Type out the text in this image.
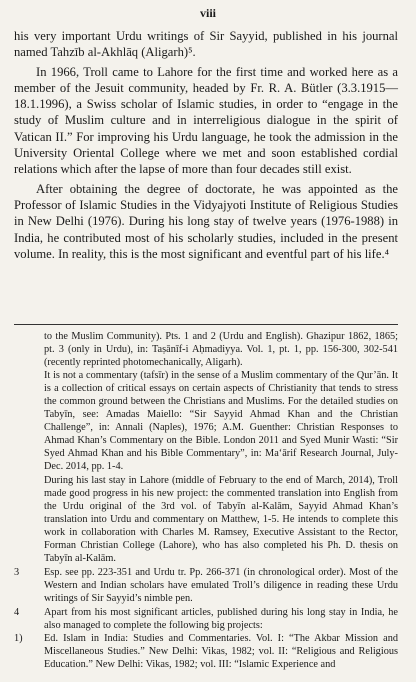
viii

his very important Urdu writings of Sir Sayyid, published in his journal named Tahzīb al-Akhlāq (Aligarh)⁵.

In 1966, Troll came to Lahore for the first time and worked here as a member of the Jesuit community, headed by Fr. R. A. Bütler (3.3.1915—18.1.1996), a Swiss scholar of Islamic studies, in order to “engage in the study of Muslim culture and in interreligious dialogue in the spirit of Vatican II.” For improving his Urdu language, he took the admission in the University Oriental College where we met and soon established cordial relations which after the lapse of more than four decades still exist.

After obtaining the degree of doctorate, he was appointed as the Professor of Islamic Studies in the Vidyajyoti Institute of Religious Studies in New Delhi (1976). During his long stay of twelve years (1976-1988) in India, he contributed most of his scholarly studies, included in the present volume. In reality, this is the most significant and eventful part of his life.⁴

to the Muslim Community). Pts. 1 and 2 (Urdu and English). Ghazipur 1862, 1865; pt. 3 (only in Urdu), in: Taṣānīf-i Aḥmadiyya. Vol. 1, pt. 1, pp. 156-300, 302-541 (recently reprinted photomechanically, Aligarh).
It is not a commentary (tafsīr) in the sense of a Muslim commentary of the Qur’ān. It is a collection of critical essays on certain aspects of Christianity that tends to stress the common ground between the Christians and Muslims. For the detailed studies on Tabyīn, see: Amadas Maiello: “Sir Sayyid Ahmad Khan and the Christian Challenge”, in: Annali (Naples), 1976; A.M. Guenther: Christian Responses to Ahmad Khan’s Commentary on the Bible. London 2011 and Syed Munir Wasti: “Sir Syed Ahmad Khan and his Bible Commentary”, in: Ma‘ārif Research Journal, July-Dec. 2014, pp. 1-4.
During his last stay in Lahore (middle of February to the end of March, 2014), Troll made good progress in his new project: the commented translation into English from the Urdu original of the 3rd vol. of Tabyīn al-Kalām, Sayyid Ahmad Khan’s translation into Urdu and commentary on Matthew, 1-5. He intends to complete this work in collaboration with Charles M. Ramsey, Executive Assistant to the Rector, Forman Christian College (Lahore), who has also completed his Ph. D. thesis on Tabyīn al-Kalām.
3 Esp. see pp. 223-351 and Urdu tr. Pp. 266-371 (in chronological order). Most of the Western and Indian scholars have emulated Troll’s diligence in reading these Urdu writings of Sir Sayyid’s nimble pen.
4 Apart from his most significant articles, published during his long stay in India, he also managed to complete the following big projects:
1) Ed. Islam in India: Studies and Commentaries. Vol. I: “The Akbar Mission and Miscellaneous Studies.” New Delhi: Vikas, 1982; vol. II: “Religious and Religious Education.” New Delhi: Vikas, 1982; vol. III: “Islamic Experience and
